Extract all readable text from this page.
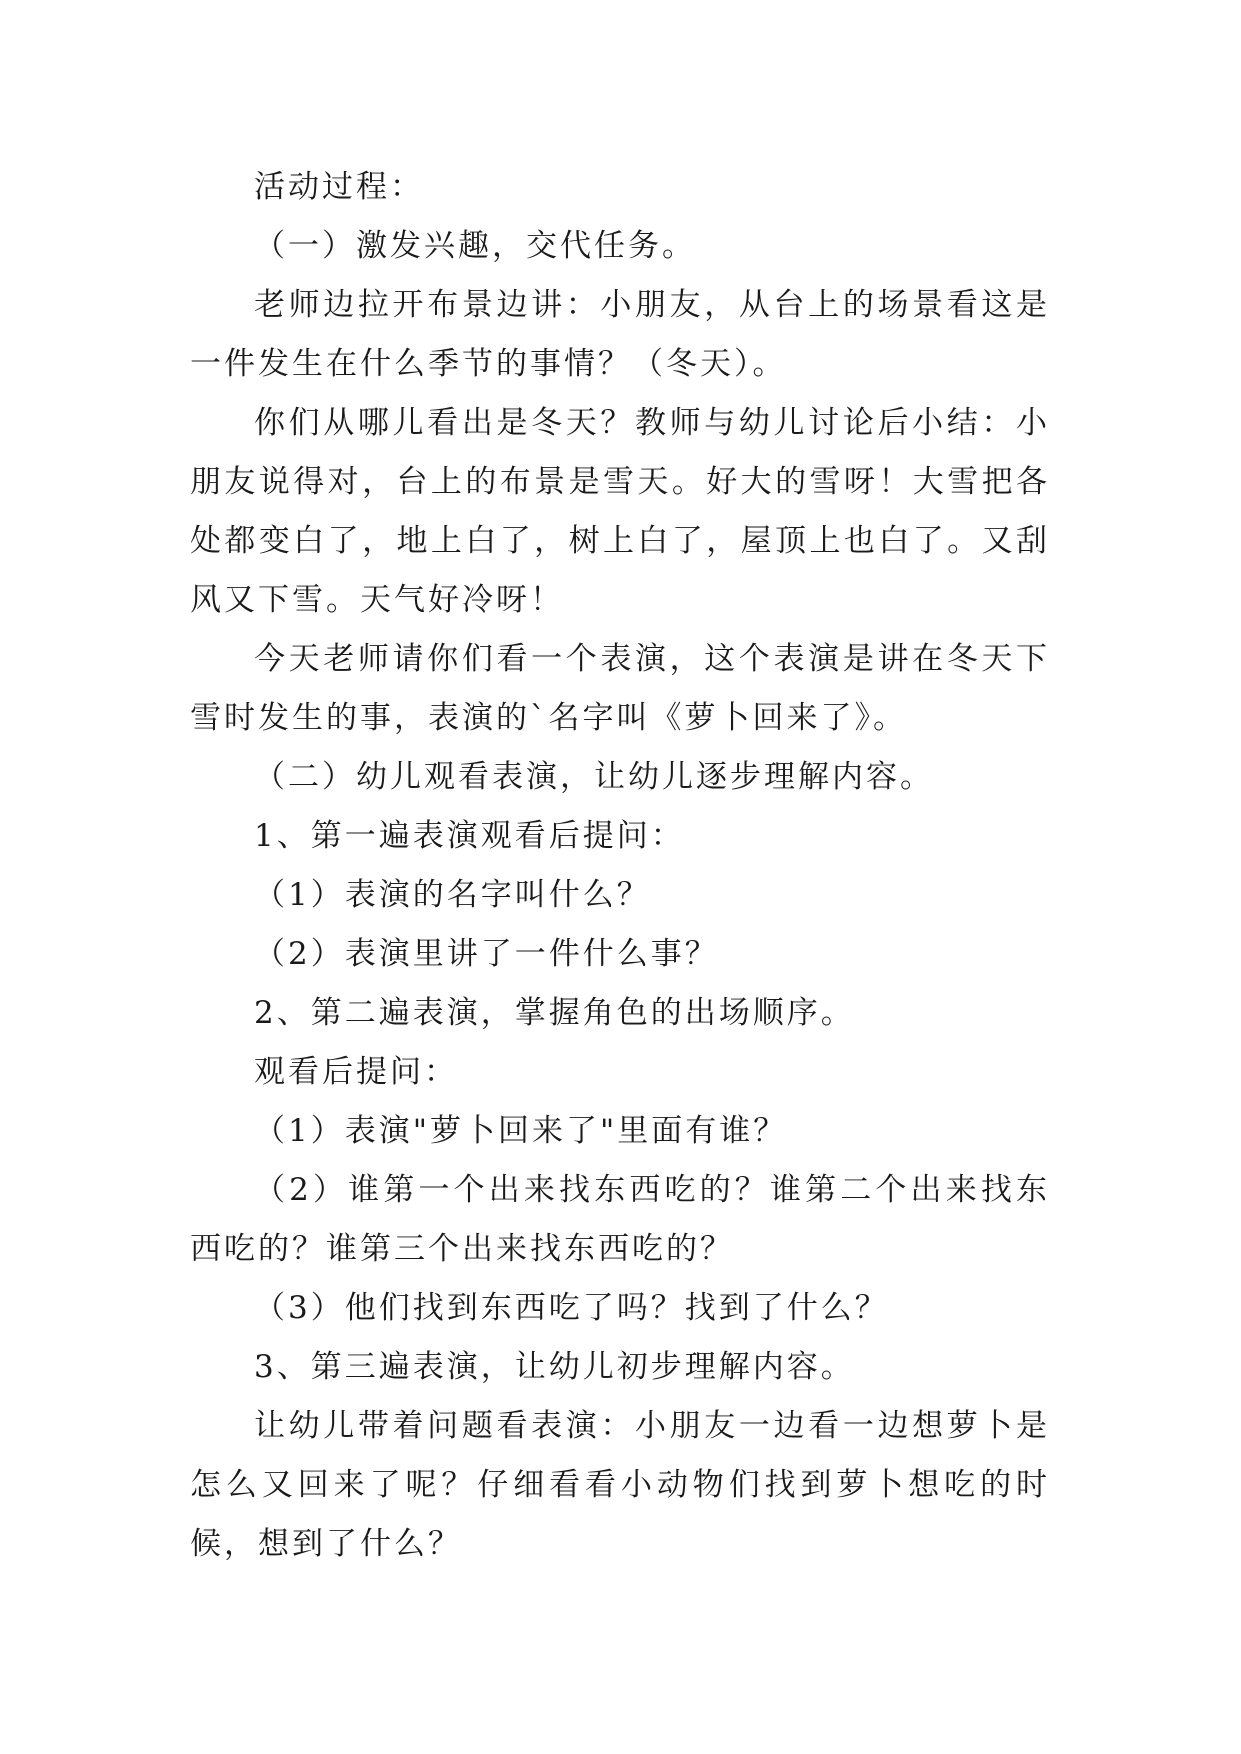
活动过程：

（一）激发兴趣，交代任务。

老师边拉开布景边讲：小朋友，从台上的场景看这是一件发生在什么季节的事情？（冬天）。

你们从哪儿看出是冬天？教师与幼儿讨论后小结：小朋友说得对，台上的布景是雪天。好大的雪呀！大雪把各处都变白了，地上白了，树上白了，屋顶上也白了。又刮风又下雪。天气好冷呀！

今天老师请你们看一个表演，这个表演是讲在冬天下雪时发生的事，表演的`名字叫《萝卜回来了》。

（二）幼儿观看表演，让幼儿逐步理解内容。

1、第一遍表演观看后提问：

（1）表演的名字叫什么？

（2）表演里讲了一件什么事？

2、第二遍表演，掌握角色的出场顺序。

观看后提问：

（1）表演"萝卜回来了"里面有谁？

（2）谁第一个出来找东西吃的？谁第二个出来找东西吃的？谁第三个出来找东西吃的？

（3）他们找到东西吃了吗？找到了什么？

3、第三遍表演，让幼儿初步理解内容。

让幼儿带着问题看表演：小朋友一边看一边想萝卜是怎么又回来了呢？仔细看看小动物们找到萝卜想吃的时候，想到了什么？
